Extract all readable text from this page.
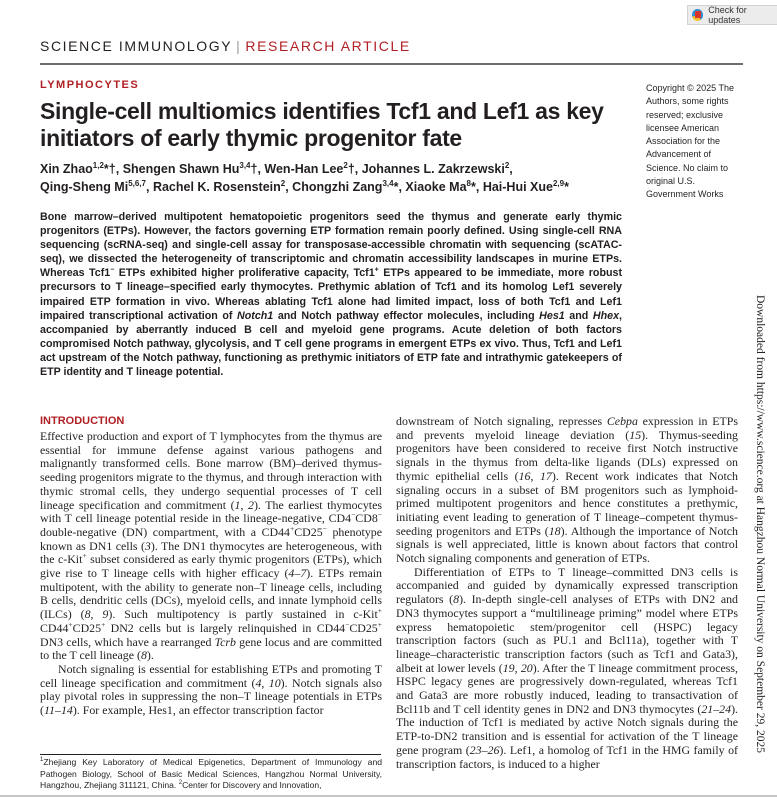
Check for updates
SCIENCE IMMUNOLOGY | RESEARCH ARTICLE
LYMPHOCYTES
Single-cell multiomics identifies Tcf1 and Lef1 as key initiators of early thymic progenitor fate
Xin Zhao$^{1,2}$*†, Shengen Shawn Hu$^{3,4}$†, Wen-Han Lee$^2$†, Johannes L. Zakrzewski$^2$,
Qing-Sheng Mi$^{5,6,7}$, Rachel K. Rosenstein$^2$, Chongzhi Zang$^{3,4}$*, Xiaoke Ma$^8$*, Hai-Hui Xue$^{2,9}$*
Copyright © 2025 The Authors, some rights reserved; exclusive licensee American Association for the Advancement of Science. No claim to original U.S. Government Works

Bone marrow–derived multipotent hematopoietic progenitors seed the thymus and generate early thymic progenitors (ETPs). However, the factors governing ETP formation remain poorly defined. Using single-cell RNA sequencing (scRNA-seq) and single-cell assay for transposase-accessible chromatin with sequencing (scATAC-seq), we dissected the heterogeneity of transcriptomic and chromatin accessibility landscapes in murine ETPs. Whereas Tcf1− ETPs exhibited higher proliferative capacity, Tcf1+ ETPs appeared to be immediate, more robust precursors to T lineage–specified early thymocytes. Prethymic ablation of Tcf1 and its homolog Lef1 severely impaired ETP formation in vivo. Whereas ablating Tcf1 alone had limited impact, loss of both Tcf1 and Lef1 impaired transcriptional activation of Notch1 and Notch pathway effector molecules, including Hes1 and Hhex, accompanied by aberrantly induced B cell and myeloid gene programs. Acute deletion of both factors compromised Notch pathway, glycolysis, and T cell gene programs in emergent ETPs ex vivo. Thus, Tcf1 and Lef1 act upstream of the Notch pathway, functioning as prethymic initiators of ETP fate and intrathymic gatekeepers of ETP identity and T lineage potential.

INTRODUCTION

Effective production and export of T lymphocytes from the thymus are essential for immune defense against various pathogens and malignantly transformed cells. Bone marrow (BM)–derived thymus-seeding progenitors migrate to the thymus, and through interaction with thymic stromal cells, they undergo sequential processes of T cell lineage specification and commitment (1, 2). The earliest thymocytes with T cell lineage potential reside in the lineage-negative, CD4−CD8− double-negative (DN) compartment, with a CD44+CD25− phenotype known as DN1 cells (3). The DN1 thymocytes are heterogeneous, with the c-Kit+ subset considered as early thymic progenitors (ETPs), which give rise to T lineage cells with higher efficacy (4–7). ETPs remain multipotent, with the ability to generate non–T lineage cells, including B cells, dendritic cells (DCs), myeloid cells, and innate lymphoid cells (ILCs) (8, 9). Such multipotency is partly sustained in c-Kit+ CD44+CD25+ DN2 cells but is largely relinquished in CD44−CD25+ DN3 cells, which have a rearranged Tcrb gene locus and are committed to the T cell lineage (8).

Notch signaling is essential for establishing ETPs and promoting T cell lineage specification and commitment (4, 10). Notch signals also play pivotal roles in suppressing the non–T lineage potentials in ETPs (11–14). For example, Hes1, an effector transcription factor

downstream of Notch signaling, represses Cebpa expression in ETPs and prevents myeloid lineage deviation (15). Thymus-seeding progenitors have been considered to receive first Notch instructive signals in the thymus from delta-like ligands (DLs) expressed on thymic epithelial cells (16, 17). Recent work indicates that Notch signaling occurs in a subset of BM progenitors such as lymphoid-primed multipotent progenitors and hence constitutes a prethymic, initiating event leading to generation of T lineage–competent thymus-seeding progenitors and ETPs (18). Although the importance of Notch signals is well appreciated, little is known about factors that control Notch signaling components and generation of ETPs.

Differentiation of ETPs to T lineage–committed DN3 cells is accompanied and guided by dynamically expressed transcription regulators (8). In-depth single-cell analyses of ETPs with DN2 and DN3 thymocytes support a “multilineage priming” model where ETPs express hematopoietic stem/progenitor cell (HSPC) legacy transcription factors (such as PU.1 and Bcl11a), together with T lineage–characteristic transcription factors (such as Tcf1 and Gata3), albeit at lower levels (19, 20). After the T lineage commitment process, HSPC legacy genes are progressively down-regulated, whereas Tcf1 and Gata3 are more robustly induced, leading to transactivation of Bcl11b and T cell identity genes in DN2 and DN3 thymocytes (21–24). The induction of Tcf1 is mediated by active Notch signals during the ETP-to-DN2 transition and is essential for activation of the T lineage gene program (23–26). Lef1, a homolog of Tcf1 in the HMG family of transcription factors, is induced to a higher

$^1$Zhejiang Key Laboratory of Medical Epigenetics, Department of Immunology and Pathogen Biology, School of Basic Medical Sciences, Hangzhou Normal University, Hangzhou, Zhejiang 311121, China. $^2$Center for Discovery and Innovation,
Downloaded from https://www.science.org at Hangzhou Normal University on September 29, 2025
